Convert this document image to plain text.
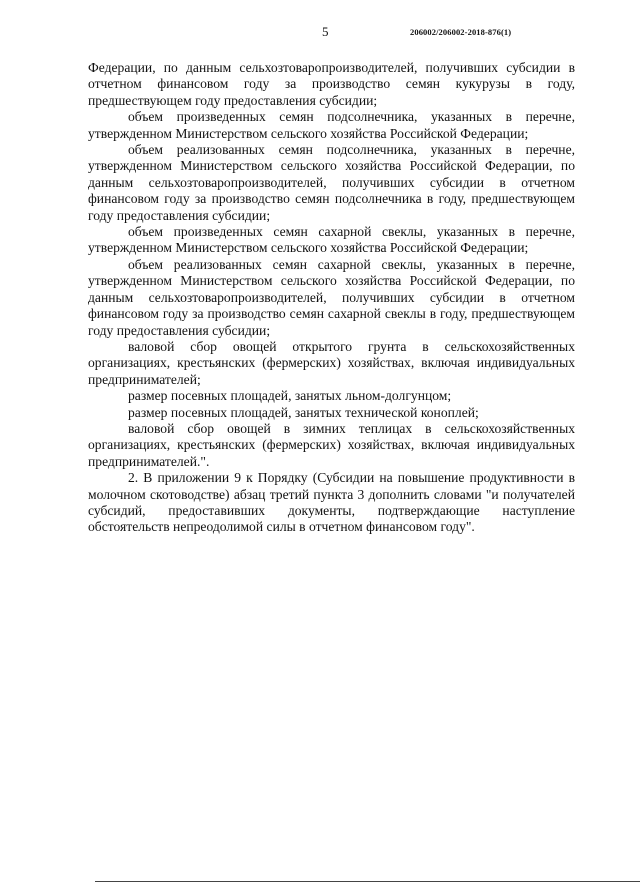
5	206002/206002-2018-876(1)

Федерации, по данным сельхозтоваропроизводителей, получивших субсидии в отчетном финансовом году за производство семян кукурузы в году, предшествующем году предоставления субсидии;

объем произведенных семян подсолнечника, указанных в перечне, утвержденном Министерством сельского хозяйства Российской Федерации;

объем реализованных семян подсолнечника, указанных в перечне, утвержденном Министерством сельского хозяйства Российской Федерации, по данным сельхозтоваропроизводителей, получивших субсидии в отчетном финансовом году за производство семян подсолнечника в году, предшествующем году предоставления субсидии;

объем произведенных семян сахарной свеклы, указанных в перечне, утвержденном Министерством сельского хозяйства Российской Федерации;

объем реализованных семян сахарной свеклы, указанных в перечне, утвержденном Министерством сельского хозяйства Российской Федерации, по данным сельхозтоваропроизводителей, получивших субсидии в отчетном финансовом году за производство семян сахарной свеклы в году, предшествующем году предоставления субсидии;

валовой сбор овощей открытого грунта в сельскохозяйственных организациях, крестьянских (фермерских) хозяйствах, включая индивидуальных предпринимателей;

размер посевных площадей, занятых льном-долгунцом;

размер посевных площадей, занятых технической коноплей;

валовой сбор овощей в зимних теплицах в сельскохозяйственных организациях, крестьянских (фермерских) хозяйствах, включая индивидуальных предпринимателей.".

2. В приложении 9 к Порядку (Субсидии на повышение продуктивности в молочном скотоводстве) абзац третий пункта 3 дополнить словами "и получателей субсидий, предоставивших документы, подтверждающие наступление обстоятельств непреодолимой силы в отчетном финансовом году".
